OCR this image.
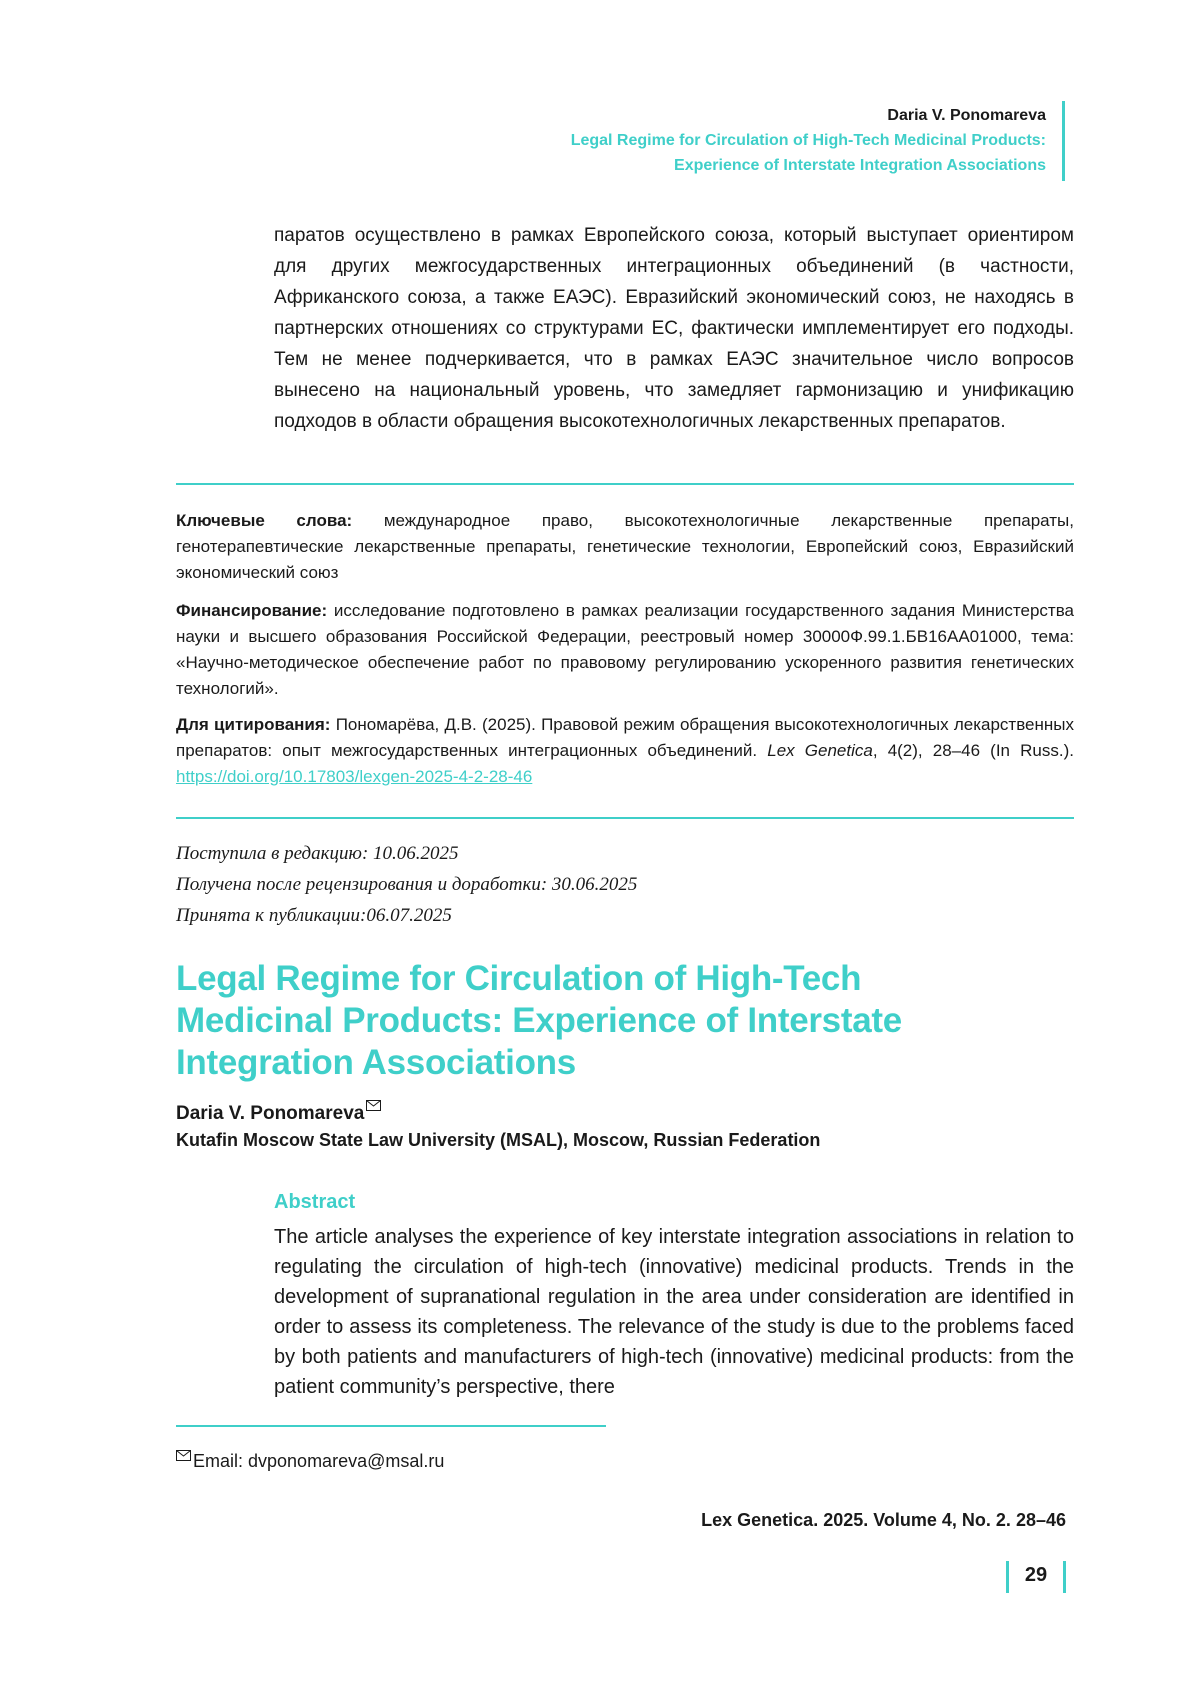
Daria V. Ponomareva
Legal Regime for Circulation of High-Tech Medicinal Products:
Experience of Interstate Integration Associations

паратов осуществлено в рамках Европейского союза, который выступает ориентиром для других межгосударственных интеграционных объединений (в частности, Африканского союза, а также ЕАЭС). Евразийский экономический союз, не находясь в партнерских отношениях со структурами ЕС, фактически имплементирует его подходы. Тем не менее подчеркивается, что в рамках ЕАЭС значительное число вопросов вынесено на национальный уровень, что замедляет гармонизацию и унификацию подходов в области обращения высокотехнологичных лекарственных препаратов.

Ключевые слова: международное право, высокотехнологичные лекарственные препараты, генотерапевтические лекарственные препараты, генетические технологии, Европейский союз, Евразийский экономический союз

Финансирование: исследование подготовлено в рамках реализации государственного задания Министерства науки и высшего образования Российской Федерации, реестровый номер 30000Ф.99.1.БВ16АА01000, тема: «Научно-методическое обеспечение работ по правовому регулированию ускоренного развития генетических технологий».

Для цитирования: Пономарёва, Д.В. (2025). Правовой режим обращения высокотехнологичных лекарственных препаратов: опыт межгосударственных интеграционных объединений. Lex Genetica, 4(2), 28–46 (In Russ.). https://doi.org/10.17803/lexgen-2025-4-2-28-46

Поступила в редакцию: 10.06.2025
Получена после рецензирования и доработки: 30.06.2025
Принята к публикации:06.07.2025
Legal Regime for Circulation of High-Tech Medicinal Products: Experience of Interstate Integration Associations
Daria V. Ponomareva
Kutafin Moscow State Law University (MSAL), Moscow, Russian Federation
Abstract

The article analyses the experience of key interstate integration associations in relation to regulating the circulation of high-tech (innovative) medicinal products. Trends in the development of supranational regulation in the area under consideration are identified in order to assess its completeness. The relevance of the study is due to the problems faced by both patients and manufacturers of high-tech (innovative) medicinal products: from the patient community’s perspective, there

Email: dvponomareva@msal.ru
Lex Genetica. 2025. Volume 4, No. 2. 28–46
29
